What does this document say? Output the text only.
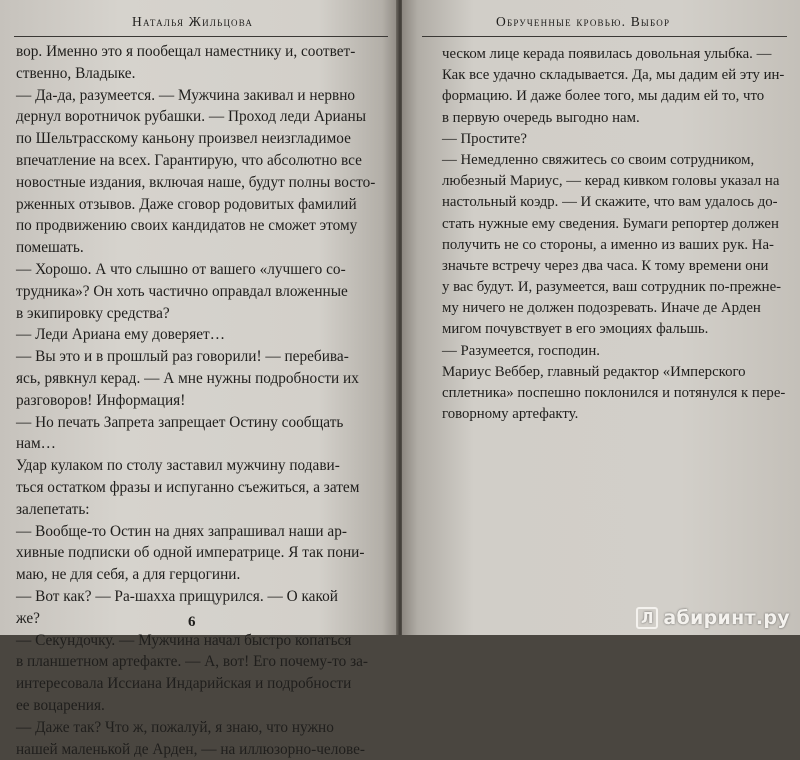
Наталья Жильцова
вор. Именно это я пообещал наместнику и, соответ-
ственно, Владыке.
— Да-да, разумеется. — Мужчина закивал и нервно
дернул воротничок рубашки. — Проход леди Арианы
по Шельтрасскому каньону произвел неизгладимое
впечатление на всех. Гарантирую, что абсолютно все
новостные издания, включая наше, будут полны восто-
рженных отзывов. Даже сговор родовитых фамилий
по продвижению своих кандидатов не сможет этому
помешать.
— Хорошо. А что слышно от вашего «лучшего со-
трудника»? Он хоть частично оправдал вложенные
в экипировку средства?
— Леди Ариана ему доверяет…
— Вы это и в прошлый раз говорили! — перебива-
ясь, рявкнул керад. — А мне нужны подробности их
разговоров! Информация!
— Но печать Запрета запрещает Остину сообщать
нам…
Удар кулаком по столу заставил мужчину подави-
ться остатком фразы и испуганно съежиться, а затем
залепетать:
— Вообще-то Остин на днях запрашивал наши ар-
хивные подписки об одной императрице. Я так пони-
маю, не для себя, а для герцогини.
— Вот как? — Ра-шахха прищурился. — О какой
же?
— Секундочку. — Мужчина начал быстро копаться
в планшетном артефакте. — А, вот! Его почему-то за-
интересовала Иссиана Индарийская и подробности
ее воцарения.
— Даже так? Что ж, пожалуй, я знаю, что нужно
нашей маленькой де Арден, — на иллюзорно-челове-
6
Обрученные кровью. Выбор
ческом лице керада появилась довольная улыбка. —
Как все удачно складывается. Да, мы дадим ей эту ин-
формацию. И даже более того, мы дадим ей то, что
в первую очередь выгодно нам.
— Простите?
— Немедленно свяжитесь со своим сотрудником,
любезный Мариус, — керад кивком головы указал на
настольный коэдр. — И скажите, что вам удалось до-
стать нужные ему сведения. Бумаги репортер должен
получить не со стороны, а именно из ваших рук. На-
значьте встречу через два часа. К тому времени они
у вас будут. И, разумеется, ваш сотрудник по-прежне-
му ничего не должен подозревать. Иначе де Арден
мигом почувствует в его эмоциях фальшь.
— Разумеется, господин.
Мариус Веббер, главный редактор «Имперского
сплетника» поспешно поклонился и потянулся к пере-
говорному артефакту.
Л абиринт.ру
